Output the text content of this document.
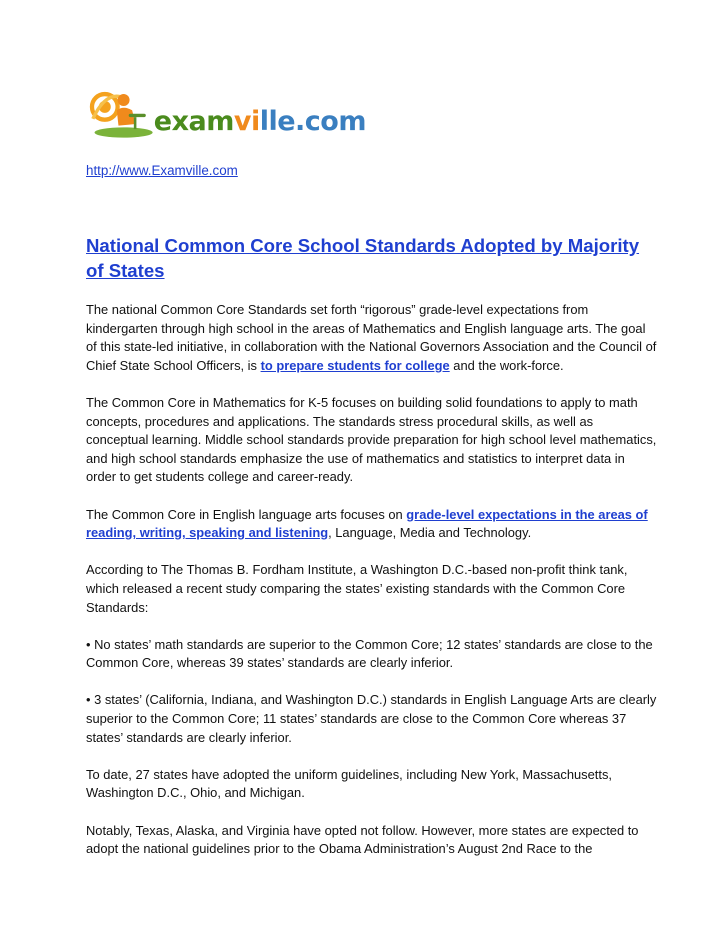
examville.com
http://www.Examville.com
National Common Core School Standards Adopted by Majority of States

The national Common Core Standards set forth “rigorous” grade-level expectations from kindergarten through high school in the areas of Mathematics and English language arts. The goal of this state-led initiative, in collaboration with the National Governors Association and the Council of Chief State School Officers, is to prepare students for college and the work-force.

The Common Core in Mathematics for K-5 focuses on building solid foundations to apply to math concepts, procedures and applications. The standards stress procedural skills, as well as conceptual learning. Middle school standards provide preparation for high school level mathematics, and high school standards emphasize the use of mathematics and statistics to interpret data in order to get students college and career-ready.

The Common Core in English language arts focuses on grade-level expectations in the areas of reading, writing, speaking and listening, Language, Media and Technology.

According to The Thomas B. Fordham Institute, a Washington D.C.-based non-profit think tank, which released a recent study comparing the states’ existing standards with the Common Core Standards:

• No states’ math standards are superior to the Common Core; 12 states’ standards are close to the Common Core, whereas 39 states’ standards are clearly inferior.

• 3 states’ (California, Indiana, and Washington D.C.) standards in English Language Arts are clearly superior to the Common Core; 11 states’ standards are close to the Common Core whereas 37 states’ standards are clearly inferior.

To date, 27 states have adopted the uniform guidelines, including New York, Massachusetts, Washington D.C., Ohio, and Michigan.

Notably, Texas, Alaska, and Virginia have opted not follow. However, more states are expected to adopt the national guidelines prior to the Obama Administration’s August 2nd Race to the
